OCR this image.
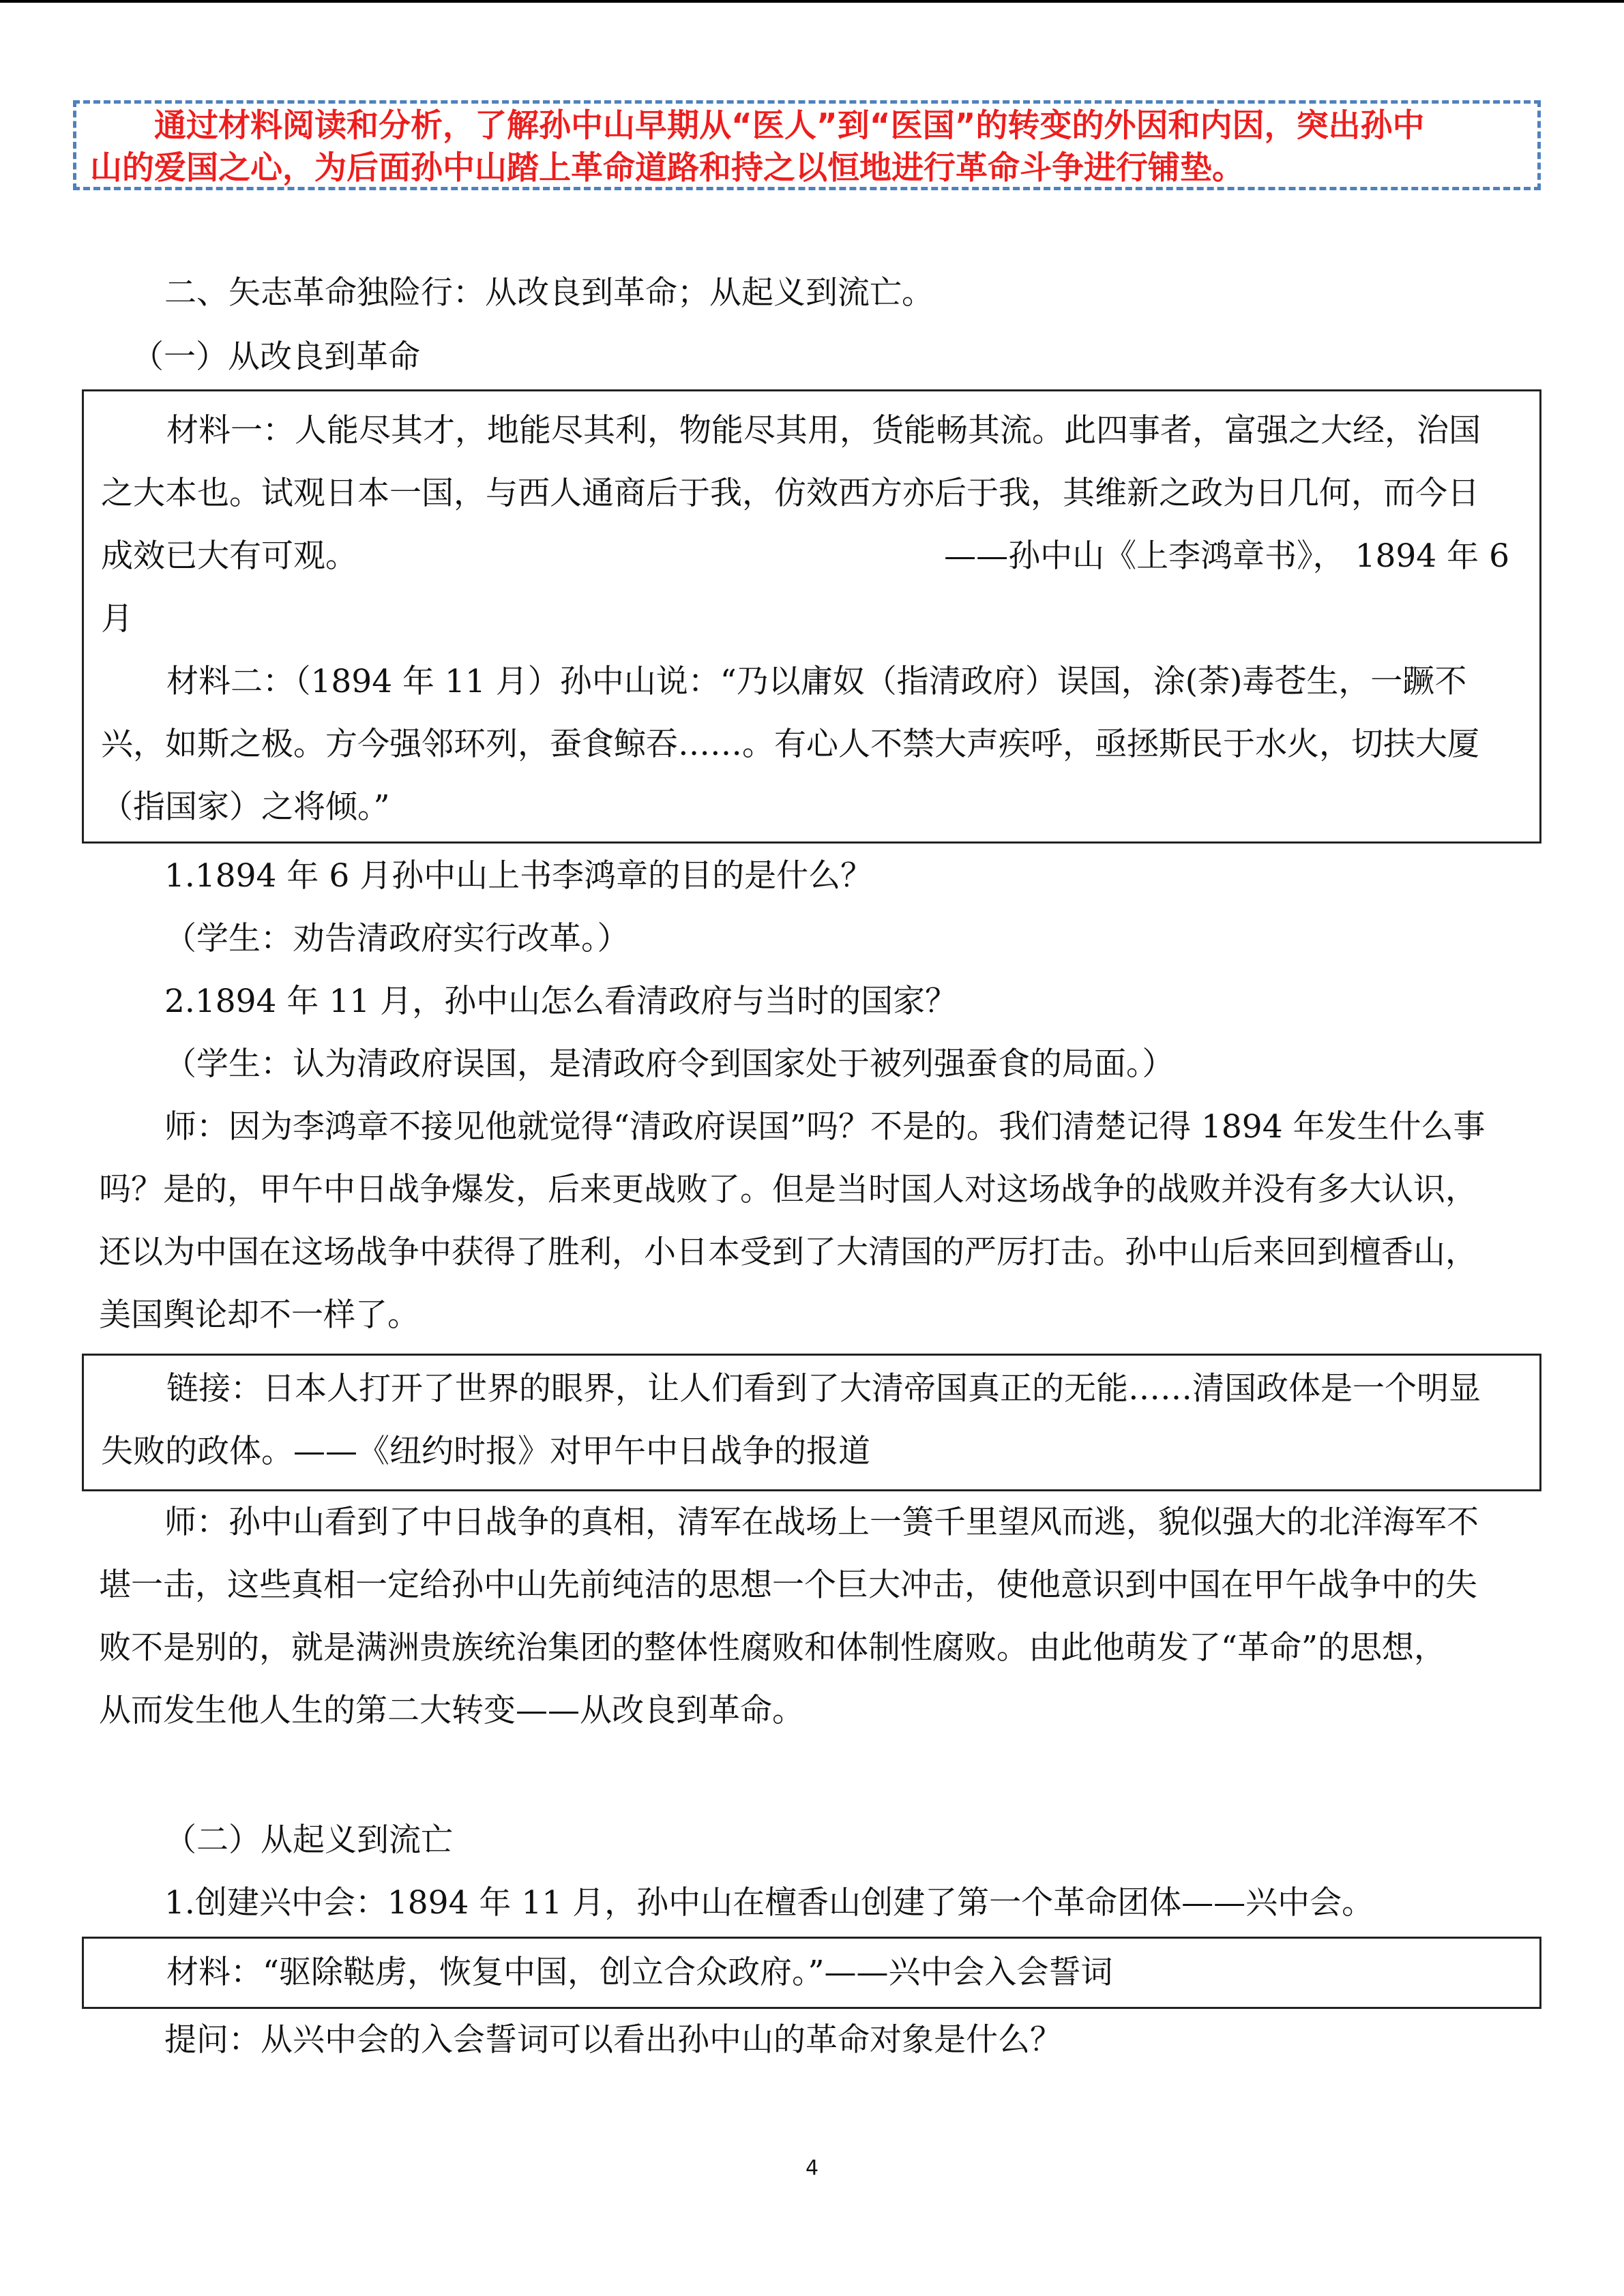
通过材料阅读和分析，了解孙中山早期从“医人”到“医国”的转变的外因和内因，突出孙中
山的爱国之心，为后面孙中山踏上革命道路和持之以恒地进行革命斗争进行铺垫。

二、矢志革命独险行：从改良到革命；从起义到流亡。

（一）从改良到革命

材料一：人能尽其才，地能尽其利，物能尽其用，货能畅其流。此四事者，富强之大经，治国

之大本也。试观日本一国，与西人通商后于我，仿效西方亦后于我，其维新之政为日几何，而今日

成效已大有可观。	——孙中山《上李鸿章书》， 1894 年 6

月

材料二：（1894 年 11 月）孙中山说：“乃以庸奴（指清政府）误国，涂(荼)毒苍生，一蹶不

兴，如斯之极。方今强邻环列，蚕食鲸吞……。有心人不禁大声疾呼，亟拯斯民于水火，切扶大厦

（指国家）之将倾。”

1.1894 年 6 月孙中山上书李鸿章的目的是什么？

（学生：劝告清政府实行改革。）

2.1894 年 11 月，孙中山怎么看清政府与当时的国家？

（学生：认为清政府误国，是清政府令到国家处于被列强蚕食的局面。）

师：因为李鸿章不接见他就觉得“清政府误国”吗？不是的。我们清楚记得 1894 年发生什么事

吗？是的，甲午中日战争爆发，后来更战败了。但是当时国人对这场战争的战败并没有多大认识，

还以为中国在这场战争中获得了胜利，小日本受到了大清国的严厉打击。孙中山后来回到檀香山，

美国舆论却不一样了。

链接：日本人打开了世界的眼界，让人们看到了大清帝国真正的无能……清国政体是一个明显

失败的政体。——《纽约时报》对甲午中日战争的报道

师：孙中山看到了中日战争的真相，清军在战场上一箦千里望风而逃，貌似强大的北洋海军不

堪一击，这些真相一定给孙中山先前纯洁的思想一个巨大冲击，使他意识到中国在甲午战争中的失

败不是别的，就是满洲贵族统治集团的整体性腐败和体制性腐败。由此他萌发了“革命”的思想，

从而发生他人生的第二大转变——从改良到革命。

（二）从起义到流亡

1.创建兴中会：1894 年 11 月，孙中山在檀香山创建了第一个革命团体——兴中会。

材料：“驱除鞑虏，恢复中国，创立合众政府。”——兴中会入会誓词

提问：从兴中会的入会誓词可以看出孙中山的革命对象是什么？

4
